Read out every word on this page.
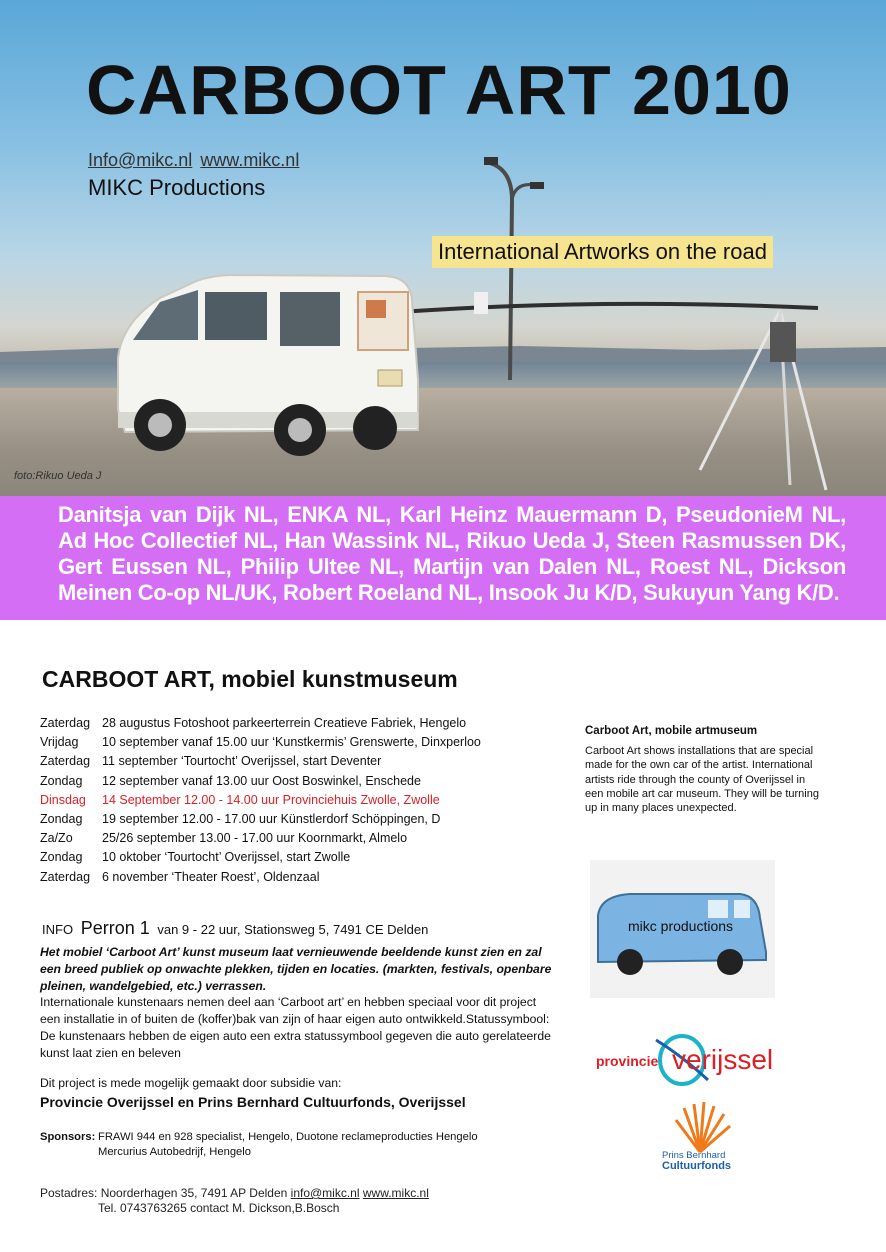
CARBOOT ART 2010
Info@mikc.nl www.mikc.nl
MIKC Productions
International Artworks on the road
foto:Rikuo Ueda J

Danitsja van Dijk NL, ENKA NL, Karl Heinz Mauermann D, PseudonieM NL, Ad Hoc Collectief NL, Han Wassink NL, Rikuo Ueda J, Steen Rasmussen DK, Gert Eussen NL, Philip Ultee NL, Martijn van Dalen NL, Roest NL, Dickson Meinen Co-op NL/UK, Robert Roeland NL, Insook Ju K/D, Sukuyun Yang K/D.

CARBOOT ART, mobiel kunstmuseum
Zaterdag 28 augustus Fotoshoot parkeerterrein Creatieve Fabriek, Hengelo
Vrijdag	10 september vanaf 15.00 uur ‘Kunstkermis’ Grenswerte, Dinxperloo
Zaterdag 11 september ‘Tourtocht’ Overijssel, start Deventer
Zondag	12 september vanaf 13.00 uur Oost Boswinkel, Enschede
Dinsdag	14 September 12.00 - 14.00 uur Provinciehuis Zwolle, Zwolle
Zondag	19 september 12.00 - 17.00 uur Künstlerdorf Schöppingen, D
Za/Zo	25/26 september 13.00 - 17.00 uur Koornmarkt, Almelo
Zondag	10 oktober ‘Tourtocht’ Overijssel, start Zwolle
Zaterdag 6 november ‘Theater Roest’, Oldenzaal
INFO Perron 1 van 9 - 22 uur, Stationsweg 5, 7491 CE Delden
Het mobiel ‘Carboot Art’ kunst museum laat vernieuwende beeldende kunst zien en zal een breed publiek op onwachte plekken, tijden en locaties. (markten, festivals, openbare pleinen, wandelgebied, etc.) verrassen.
Internationale kunstenaars nemen deel aan ‘Carboot art’ en hebben speciaal voor dit project een installatie in of buiten de (koffer)bak van zijn of haar eigen auto ontwikkeld.Statussymbool: De kunstenaars hebben de eigen auto een extra statussymbool gegeven die auto gerelateerde kunst laat zien en beleven
Dit project is mede mogelijk gemaakt door subsidie van:
Provincie Overijssel en Prins Bernhard Cultuurfonds, Overijssel
Sponsors: FRAWI 944 en 928 specialist, Hengelo, Duotone reclameproducties Hengelo
Mercurius Autobedrijf, Hengelo
Postadres: Noorderhagen 35, 7491 AP Delden info@mikc.nl www.mikc.nl
Tel. 0743763265 contact M. Dickson,B.Bosch
Carboot Art, mobile artmuseum
Carboot Art shows installations that are special made for the own car of the artist. International artists ride through the county of Overijssel in een mobile art car museum. They will be turning up in many places unexpected.
mikc productions
provincie verijssel
Prins Bernhard
Cultuurfonds
